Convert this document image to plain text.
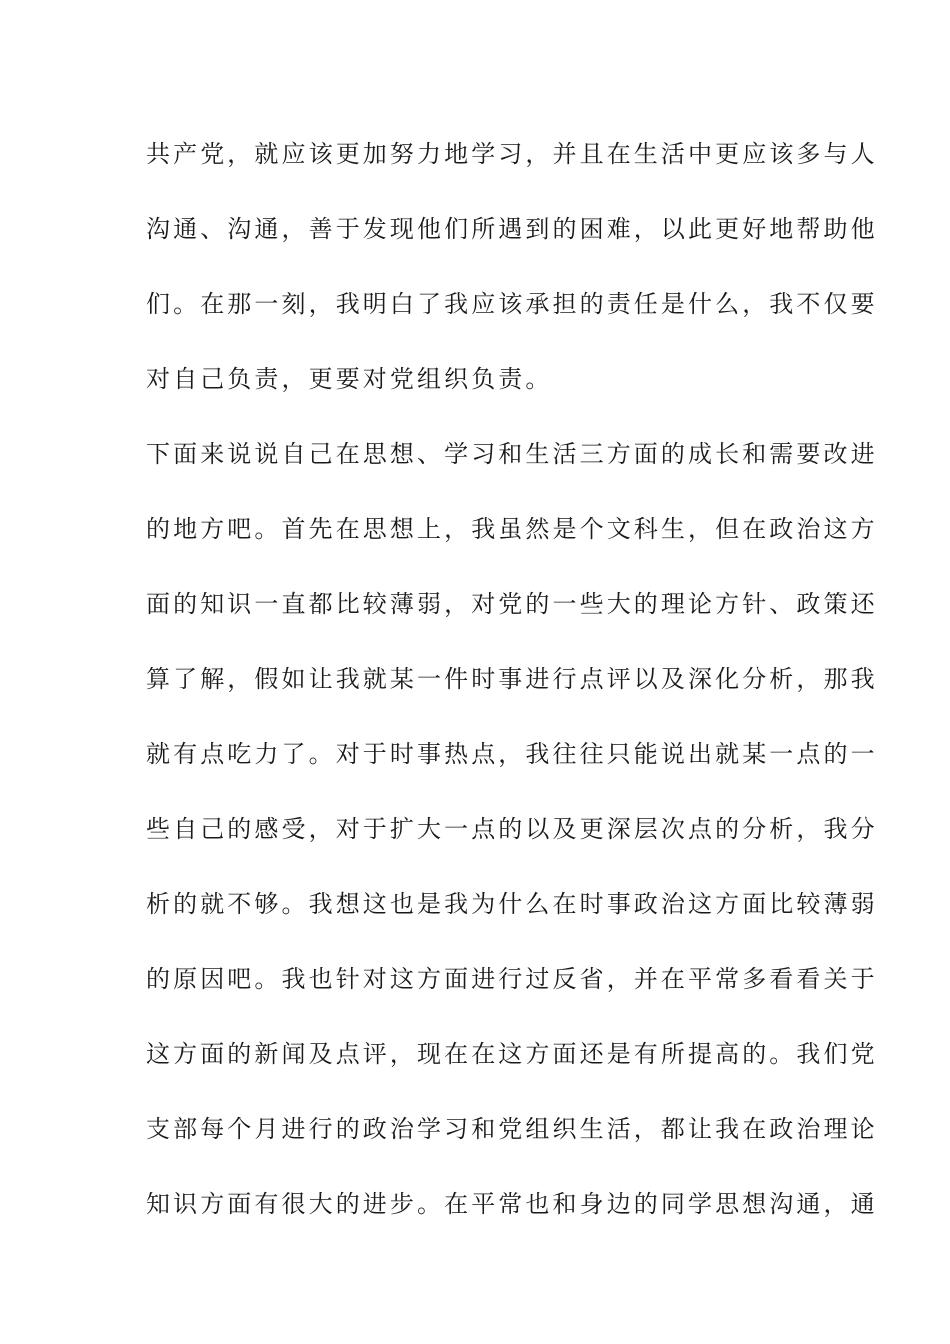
共产党，就应该更加努力地学习，并且在生活中更应该多与人
沟通、沟通，善于发现他们所遇到的困难，以此更好地帮助他
们。在那一刻，我明白了我应该承担的责任是什么，我不仅要
对自己负责，更要对党组织负责。
下面来说说自己在思想、学习和生活三方面的成长和需要改进
的地方吧。首先在思想上，我虽然是个文科生，但在政治这方
面的知识一直都比较薄弱，对党的一些大的理论方针、政策还
算了解，假如让我就某一件时事进行点评以及深化分析，那我
就有点吃力了。对于时事热点，我往往只能说出就某一点的一
些自己的感受，对于扩大一点的以及更深层次点的分析，我分
析的就不够。我想这也是我为什么在时事政治这方面比较薄弱
的原因吧。我也针对这方面进行过反省，并在平常多看看关于
这方面的新闻及点评，现在在这方面还是有所提高的。我们党
支部每个月进行的政治学习和党组织生活，都让我在政治理论
知识方面有很大的进步。在平常也和身边的同学思想沟通，通
